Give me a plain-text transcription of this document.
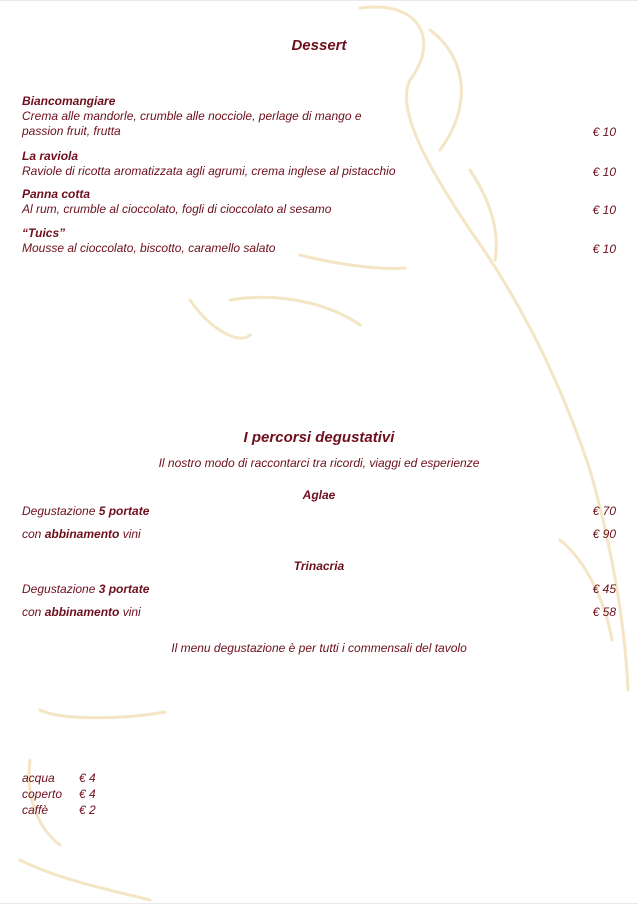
Dessert
Biancomangiare
Crema alle mandorle, crumble alle nocciole, perlage di mango e
passion fruit, frutta	€ 10
La raviola
Raviole di ricotta aromatizzata agli agrumi, crema inglese al pistacchio	€ 10
Panna cotta
Al rum, crumble al cioccolato, fogli di cioccolato al sesamo	€ 10
“Tuics”
Mousse al cioccolato, biscotto, caramello salato	€ 10
I percorsi degustativi
Il nostro modo di raccontarci tra ricordi, viaggi ed esperienze
Aglae
Degustazione 5 portate	€ 70
con abbinamento vini	€ 90
Trinacria
Degustazione 3 portate	€ 45
con abbinamento vini	€ 58
Il menu degustazione è per tutti i commensali del tavolo
acqua	€ 4
coperto	€ 4
caffè	€ 2
